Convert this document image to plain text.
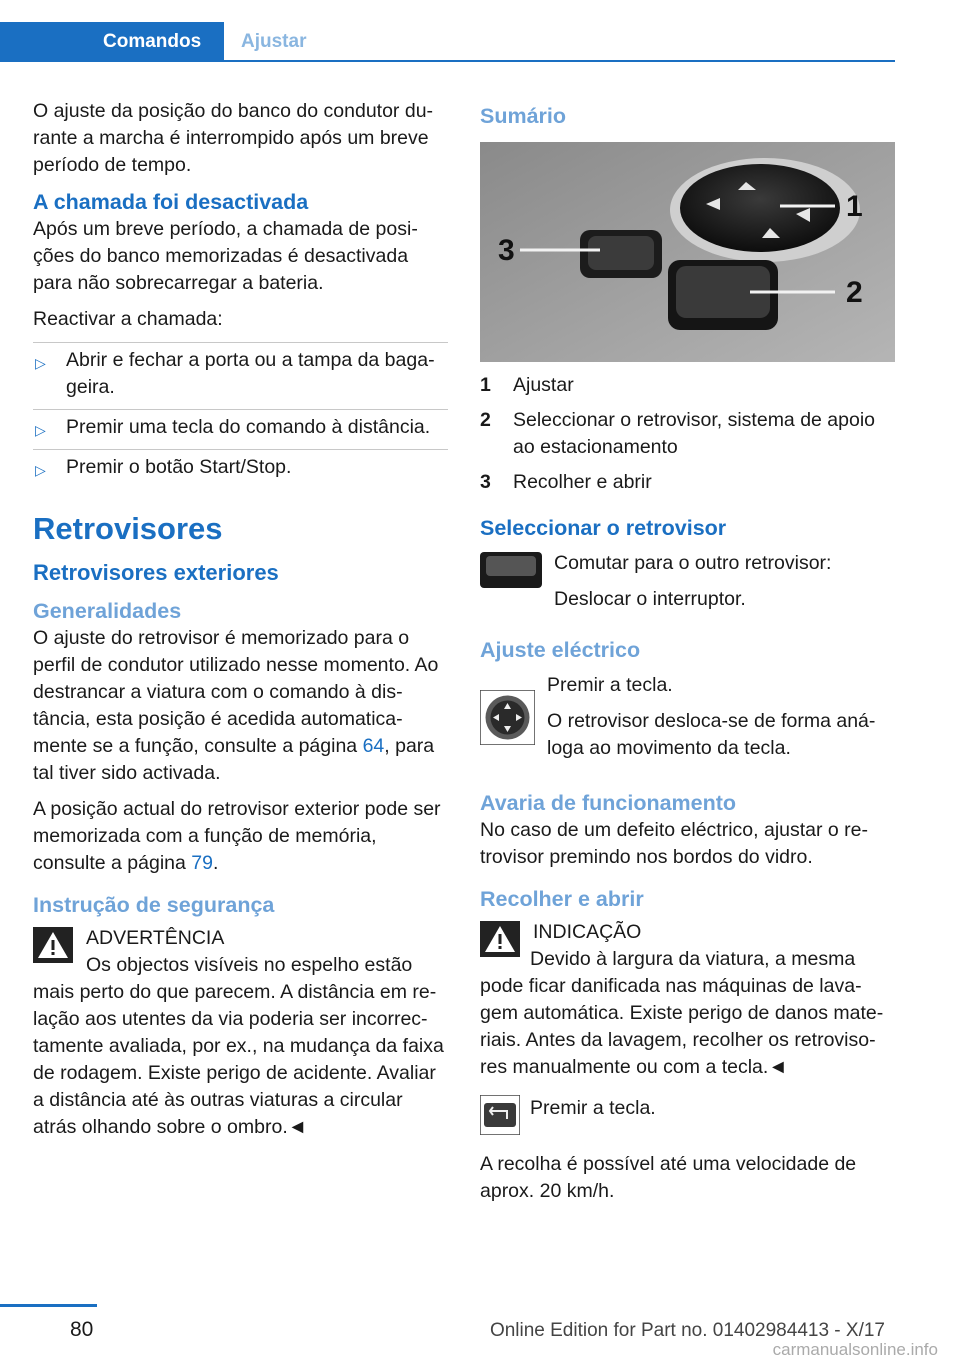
Comandos	Ajustar

O ajuste da posição do banco do condutor du-rante a marcha é interrompido após um breve período de tempo.

A chamada foi desactivada

Após um breve período, a chamada de posi-ções do banco memorizadas é desactivada para não sobrecarregar a bateria.

Reactivar a chamada:

▷ Abrir e fechar a porta ou a tampa da baga-geira.
▷ Premir uma tecla do comando à distância.
▷ Premir o botão Start/Stop.
Retrovisores
Retrovisores exteriores
Generalidades

O ajuste do retrovisor é memorizado para o perfil de condutor utilizado nesse momento. Ao destrancar a viatura com o comando à dis-tância, esta posição é acedida automatica-mente se a função, consulte a página 64, para tal tiver sido activada.

A posição actual do retrovisor exterior pode ser memorizada com a função de memória, consulte a página 79.

Instrução de segurança
ADVERTÊNCIA

Os objectos visíveis no espelho estão mais perto do que parecem. A distância em re-lação aos utentes da via poderia ser incorrec-tamente avaliada, por ex., na mudança da faixa de rodagem. Existe perigo de acidente. Avaliar a distância até às outras viaturas a circular atrás olhando sobre o ombro.◄

Sumário
3
1
2
1	Ajustar
2	Seleccionar o retrovisor, sistema de apoio ao estacionamento
3	Recolher e abrir
Seleccionar o retrovisor

Comutar para o outro retrovisor:

Deslocar o interruptor.

Ajuste eléctrico

Premir a tecla.

O retrovisor desloca-se de forma aná-loga ao movimento da tecla.

Avaria de funcionamento

No caso de um defeito eléctrico, ajustar o re-trovisor premindo nos bordos do vidro.

Recolher e abrir
INDICAÇÃO

Devido à largura da viatura, a mesma pode ficar danificada nas máquinas de lava-gem automática. Existe perigo de danos mate-riais. Antes da lavagem, recolher os retroviso-res manualmente ou com a tecla.◄

Premir a tecla.

A recolha é possível até uma velocidade de aprox. 20 km/h.

80	Online Edition for Part no. 01402984413 - X/17
carmanualsonline.info
